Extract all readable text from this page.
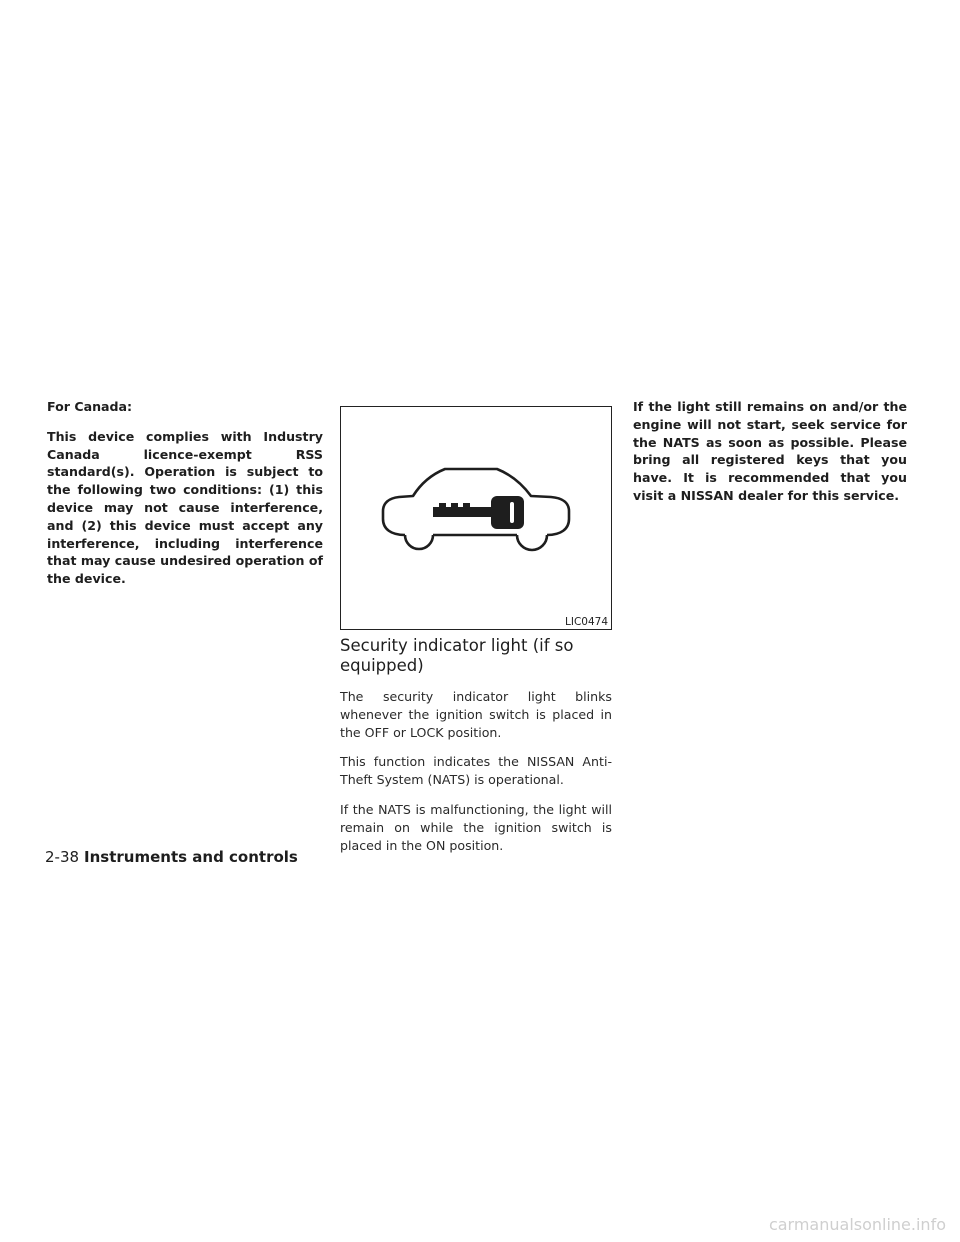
For Canada:

This device complies with Industry Canada licence-exempt RSS standard(s). Operation is subject to the following two conditions: (1) this device may not cause interference, and (2) this device must accept any interference, including interference that may cause undesired operation of the device.

LIC0474
Security indicator light (if so equipped)

The security indicator light blinks whenever the ignition switch is placed in the OFF or LOCK position.

This function indicates the NISSAN Anti-Theft System (NATS) is operational.

If the NATS is malfunctioning, the light will remain on while the ignition switch is placed in the ON position.

If the light still remains on and/or the engine will not start, seek service for the NATS as soon as possible. Please bring all registered keys that you have. It is recommended that you visit a NISSAN dealer for this service.

2-38 Instruments and controls
carmanualsonline.info
